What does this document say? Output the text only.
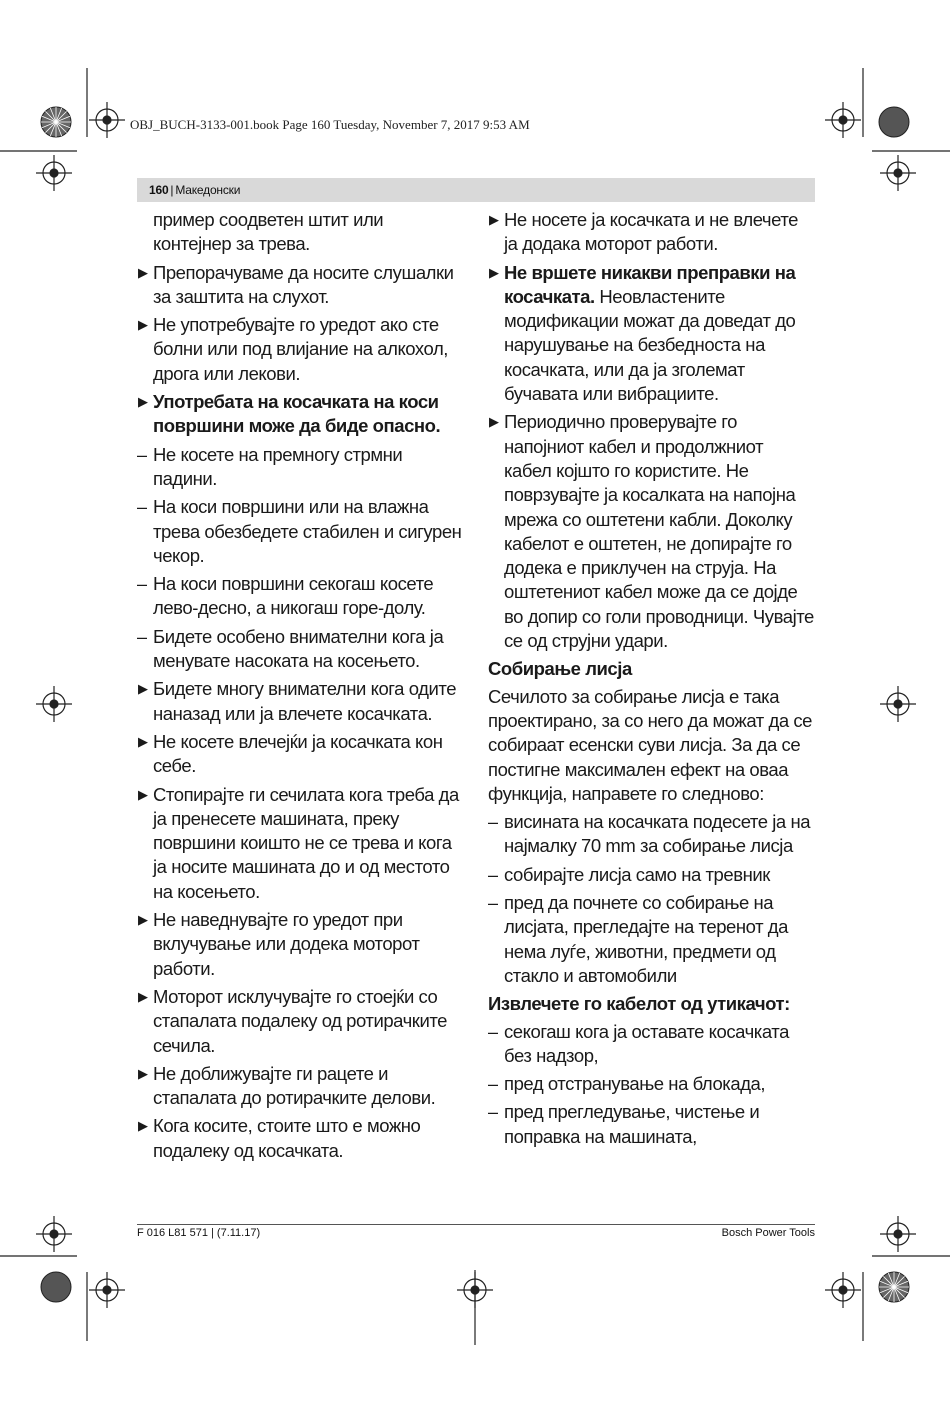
OBJ_BUCH-3133-001.book Page 160 Tuesday, November 7, 2017 9:53 AM
160 | Македонски
пример соодветен штит или контејнер за трева.
▶ Препорачуваме да носите слушалки за заштита на слухот.
▶ Не употребувајте го уредот ако сте болни или под влијание на алкохол, дрога или лекови.
▶ Употребата на косачката на коси површини може да биде опасно.
– Не косете на премногу стрмни падини.
– На коси површини или на влажна трева обезбедете стабилен и сигурен чекор.
– На коси површини секогаш косете лево-десно, а никогаш горе-долу.
– Бидете особено внимателни кога ја менувате насоката на косењето.
▶ Бидете многу внимателни кога одите наназад или ја влечете косачката.
▶ Не косете влечејќи ја косачката кон себе.
▶ Стопирајте ги сечилата кога треба да ја пренесете машината, преку површини коишто не се трева и кога ја носите машината до и од местото на косењето.
▶ Не наведнувајте го уредот при вклучување или додека моторот работи.
▶ Моторот исклучувајте го стоејќи со стапалата подалеку од ротирачките сечила.
▶ Не доближувајте ги рацете и стапалата до ротирачките делови.
▶ Кога косите, стоите што е можно подалеку од косачката.
▶ Не носете ја косачката и не влечете ја додака моторот работи.
▶ Не вршете никакви преправки на косачката. Неовластените модификации можат да доведат до нарушување на безбедноста на косачката, или да ја зголемат бучавата или вибрациите.
▶ Периодично проверувајте го напојниот кабел и продолжниот кабел којшто го користите. Не поврзувајте ја косалката на напојна мрежа со оштетени кабли. Доколку кабелот е оштетен, не допирајте го додека е приклучен на струја. На оштетениот кабел може да се дојде во допир со голи проводници. Чувајте се од струјни удари.
Собирање лисја
Сечилото за собирање лисја е така проектирано, за со него да можат да се собираат есенски суви лисја. За да се постигне максимален ефект на оваа функција, направете го следново:
– висината на косачката подесете ја на најмалку 70 mm за собирање лисја
– собирајте лисја само на тревник
– пред да почнете со собирање на лисјата, прегледајте на теренот да нема луѓе, животни, предмети од стакло и автомобили
Извлечете го кабелот од утикачот:
– секогаш кога ја оставате косачката без надзор,
– пред отстранување на блокада,
– пред прегледување, чистење и поправка на машината,
F 016 L81 571 | (7.11.17)	Bosch Power Tools
